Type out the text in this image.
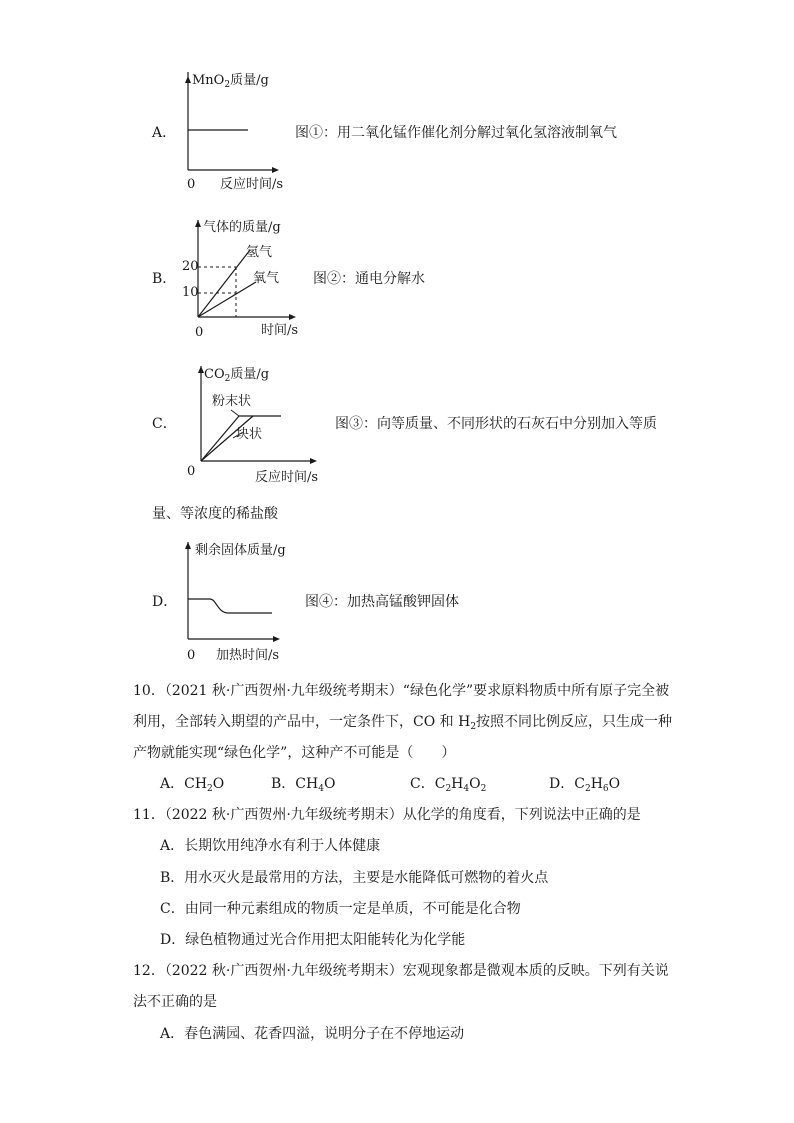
A．
MnO$_2$质量/g
0 反应时间/s
图①：用二氧化锰作催化剂分解过氧化氢溶液制氧气
B．
气体的质量/g
20
10
氢气
氧气
0	时间/s
图②：通电分解水
C．
$CO_2$质量/g
粉末状
块状
0	反应时间/s
图③：向等质量、不同形状的石灰石中分别加入等质
量、等浓度的稀盐酸
D．
剩余固体质量/g
0 加热时间/s
图④：加热高锰酸钾固体
10．（2021 秋·广西贺州·九年级统考期末）“绿色化学”要求原料物质中所有原子完全被
利用，全部转入期望的产品中，一定条件下，CO 和 $H_2$按照不同比例反应，只生成一种
产物就能实现“绿色化学”，这种产不可能是（　　）
A．$CH_2O$	B．$CH_4O$	C．$C_2H_4O_2$	D．$C_2H_6O$
11．（2022 秋·广西贺州·九年级统考期末）从化学的角度看，下列说法中正确的是
A．长期饮用纯净水有利于人体健康
B．用水灭火是最常用的方法，主要是水能降低可燃物的着火点
C．由同一种元素组成的物质一定是单质，不可能是化合物
D．绿色植物通过光合作用把太阳能转化为化学能
12．（2022 秋·广西贺州·九年级统考期末）宏观现象都是微观本质的反映。下列有关说
法不正确的是
A．春色满园、花香四溢，说明分子在不停地运动
